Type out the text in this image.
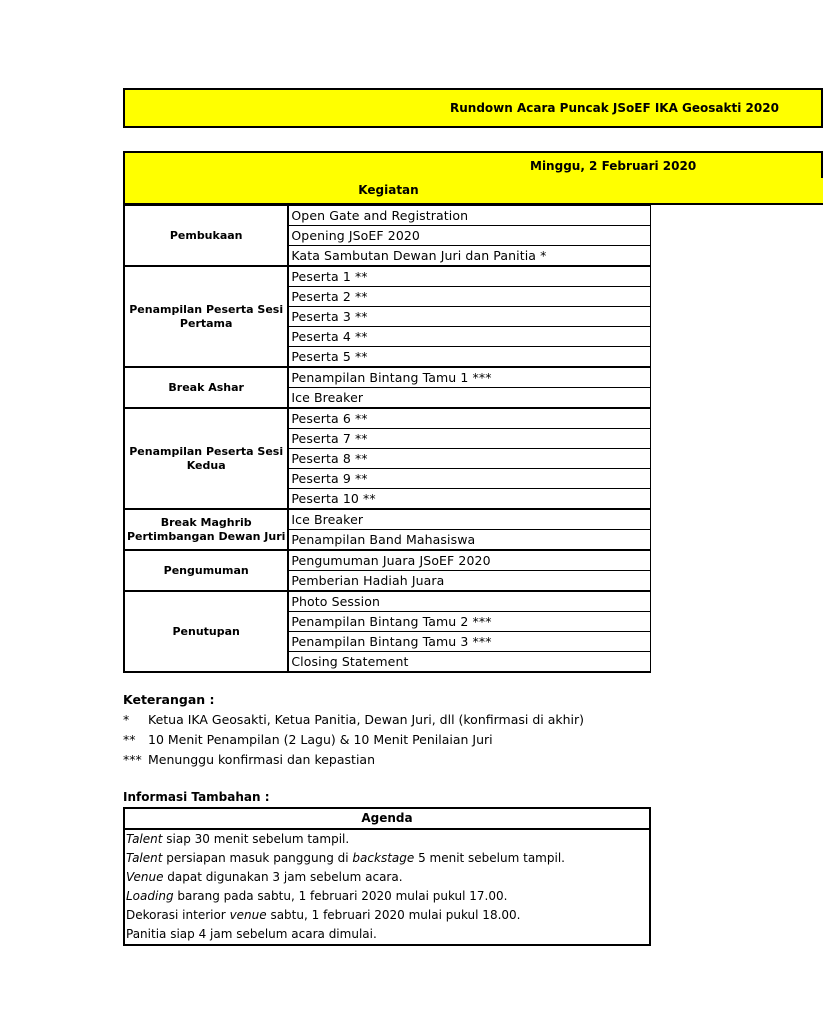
Rundown Acara Puncak JSoEF IKA Geosakti 2020
Minggu, 2 Februari 2020
Kegiatan
Pembukaan	Open Gate and Registration
	Opening JSoEF 2020
	Kata Sambutan Dewan Juri dan Panitia *
Penampilan Peserta Sesi Pertama	Peserta 1 **
	Peserta 2 **
	Peserta 3 **
	Peserta 4 **
	Peserta 5 **
Break Ashar	Penampilan Bintang Tamu 1 ***
	Ice Breaker
Penampilan Peserta Sesi Kedua	Peserta 6 **
	Peserta 7 **
	Peserta 8 **
	Peserta 9 **
	Peserta 10 **
Break Maghrib Pertimbangan Dewan Juri	Ice Breaker
	Penampilan Band Mahasiswa
Pengumuman	Pengumuman Juara JSoEF 2020
	Pemberian Hadiah Juara
Penutupan	Photo Session
	Penampilan Bintang Tamu 2 ***
	Penampilan Bintang Tamu 3 ***
	Closing Statement
Keterangan :
* Ketua IKA Geosakti, Ketua Panitia, Dewan Juri, dll (konfirmasi di akhir)
** 10 Menit Penampilan (2 Lagu) & 10 Menit Penilaian Juri
*** Menunggu konfirmasi dan kepastian
Informasi Tambahan :
Agenda
Talent siap 30 menit sebelum tampil.
Talent persiapan masuk panggung di backstage 5 menit sebelum tampil.
Venue dapat digunakan 3 jam sebelum acara.
Loading barang pada sabtu, 1 februari 2020 mulai pukul 17.00.
Dekorasi interior venue sabtu, 1 februari 2020 mulai pukul 18.00.
Panitia siap 4 jam sebelum acara dimulai.
